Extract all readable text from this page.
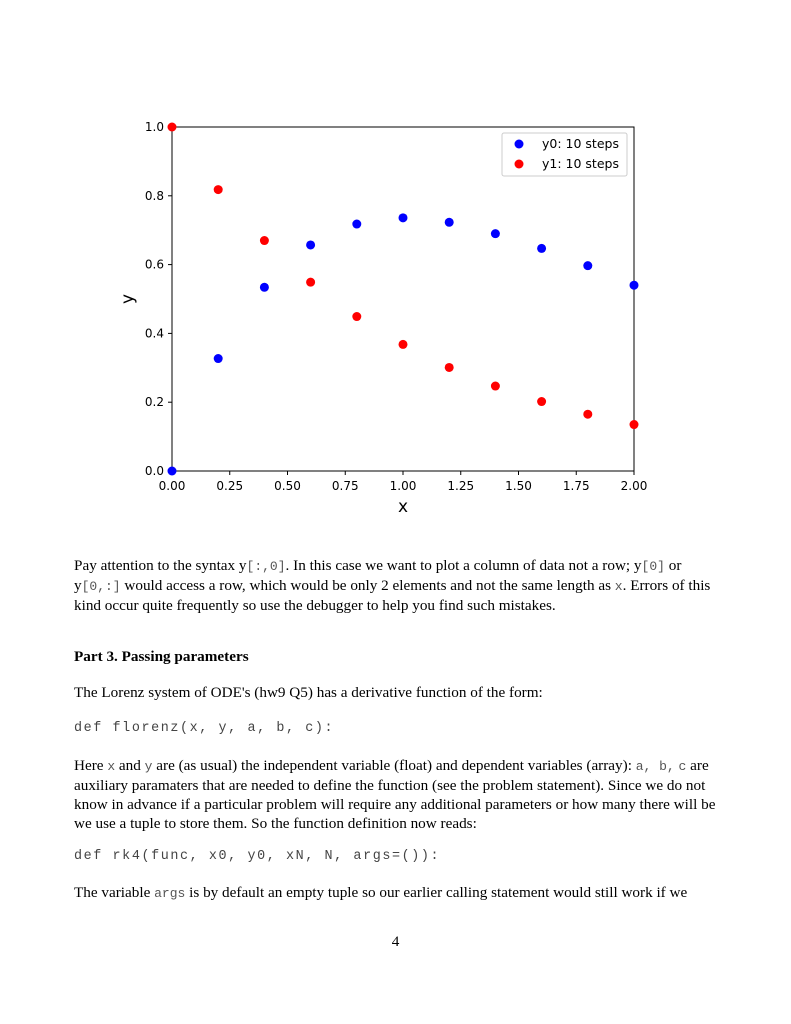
0.00	0.25	0.50	0.75	1.00	1.25	1.50	1.75	2.00
0.0
0.2
0.4
0.6
0.8
1.0
x
y
y0: 10 steps
y1: 10 steps

Pay attention to the syntax y[:,0]. In this case we want to plot a column of data not a row; y[0] or y[0,:] would access a row, which would be only 2 elements and not the same length as x. Errors of this kind occur quite frequently so use the debugger to help you find such mistakes.

Part 3. Passing parameters

The Lorenz system of ODE's (hw9 Q5) has a derivative function of the form:

def florenz(x, y, a, b, c):

Here x and y are (as usual) the independent variable (float) and dependent variables (array): a, b, c are auxiliary paramaters that are needed to define the function (see the problem statement). Since we do not know in advance if a particular problem will require any additional parameters or how many there will be we use a tuple to store them. So the function definition now reads:

def rk4(func, x0, y0, xN, N, args=()):

The variable args is by default an empty tuple so our earlier calling statement would still work if we

4
